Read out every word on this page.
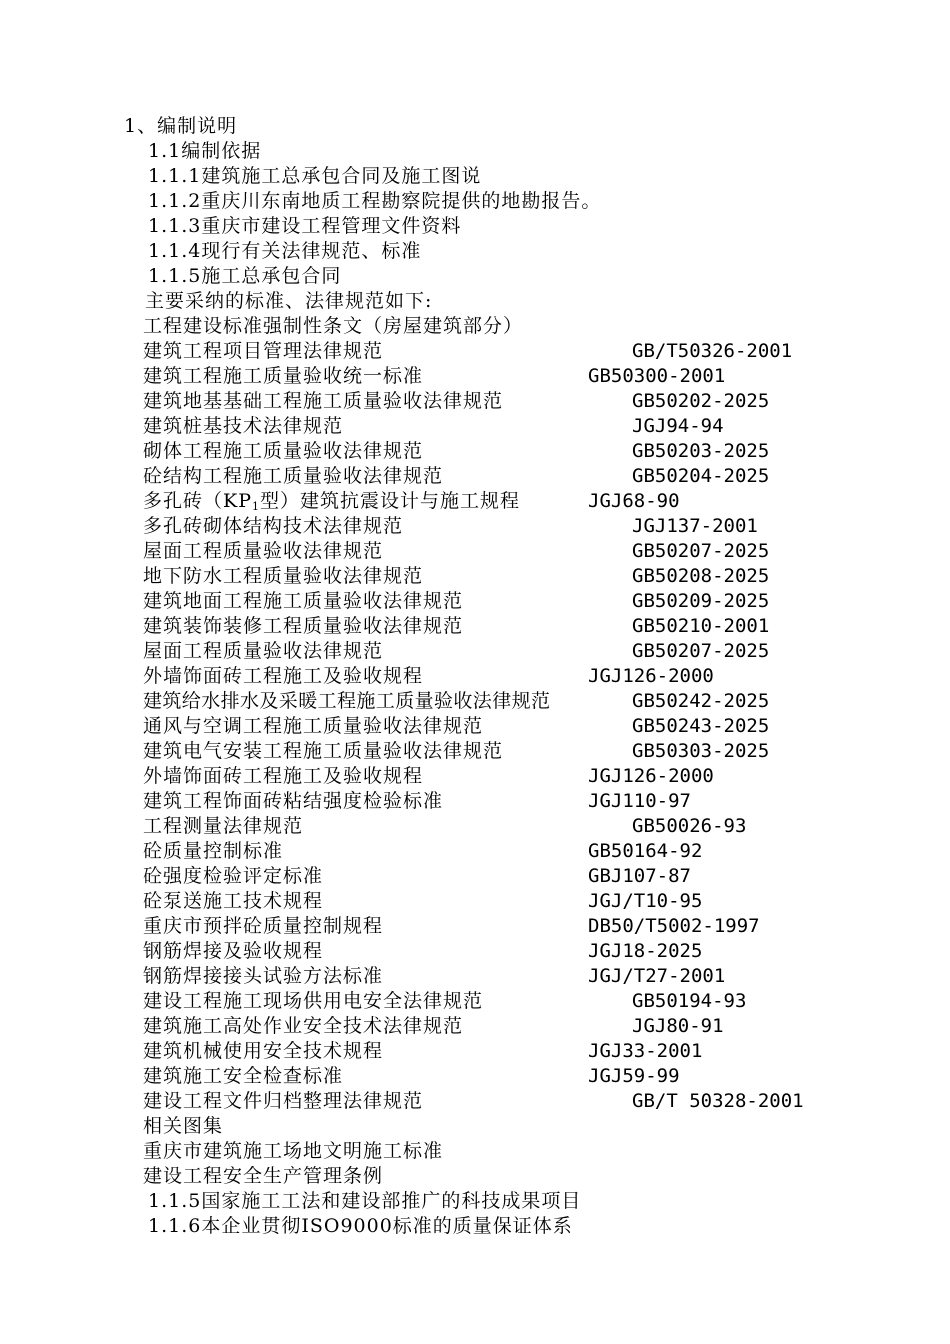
1、编制说明
1.1编制依据
1.1.1建筑施工总承包合同及施工图说
1.1.2重庆川东南地质工程勘察院提供的地勘报告。
1.1.3重庆市建设工程管理文件资料
1.1.4现行有关法律规范、标准
1.1.5施工总承包合同
主要采纳的标准、法律规范如下:
工程建设标准强制性条文（房屋建筑部分）
建筑工程项目管理法律规范	GB/T50326-2001
建筑工程施工质量验收统一标准	GB50300-2001
建筑地基基础工程施工质量验收法律规范	GB50202-2025
建筑桩基技术法律规范	JGJ94-94
砌体工程施工质量验收法律规范	GB50203-2025
砼结构工程施工质量验收法律规范	GB50204-2025
多孔砖（$KP_1$型）建筑抗震设计与施工规程	JGJ68-90
多孔砖砌体结构技术法律规范	JGJ137-2001
屋面工程质量验收法律规范	GB50207-2025
地下防水工程质量验收法律规范	GB50208-2025
建筑地面工程施工质量验收法律规范	GB50209-2025
建筑装饰装修工程质量验收法律规范	GB50210-2001
屋面工程质量验收法律规范	GB50207-2025
外墙饰面砖工程施工及验收规程	JGJ126-2000
建筑给水排水及采暖工程施工质量验收法律规范	GB50242-2025
通风与空调工程施工质量验收法律规范	GB50243-2025
建筑电气安装工程施工质量验收法律规范	GB50303-2025
外墙饰面砖工程施工及验收规程	JGJ126-2000
建筑工程饰面砖粘结强度检验标准	JGJ110-97
工程测量法律规范	GB50026-93
砼质量控制标准	GB50164-92
砼强度检验评定标准	GBJ107-87
砼泵送施工技术规程	JGJ/T10-95
重庆市预拌砼质量控制规程	DB50/T5002-1997
钢筋焊接及验收规程	JGJ18-2025
钢筋焊接接头试验方法标准	JGJ/T27-2001
建设工程施工现场供用电安全法律规范	GB50194-93
建筑施工高处作业安全技术法律规范	JGJ80-91
建筑机械使用安全技术规程	JGJ33-2001
建筑施工安全检查标准	JGJ59-99
建设工程文件归档整理法律规范	GB/T 50328-2001
相关图集
重庆市建筑施工场地文明施工标准
建设工程安全生产管理条例
1.1.5国家施工工法和建设部推广的科技成果项目
1.1.6本企业贯彻ISO9000标准的质量保证体系
